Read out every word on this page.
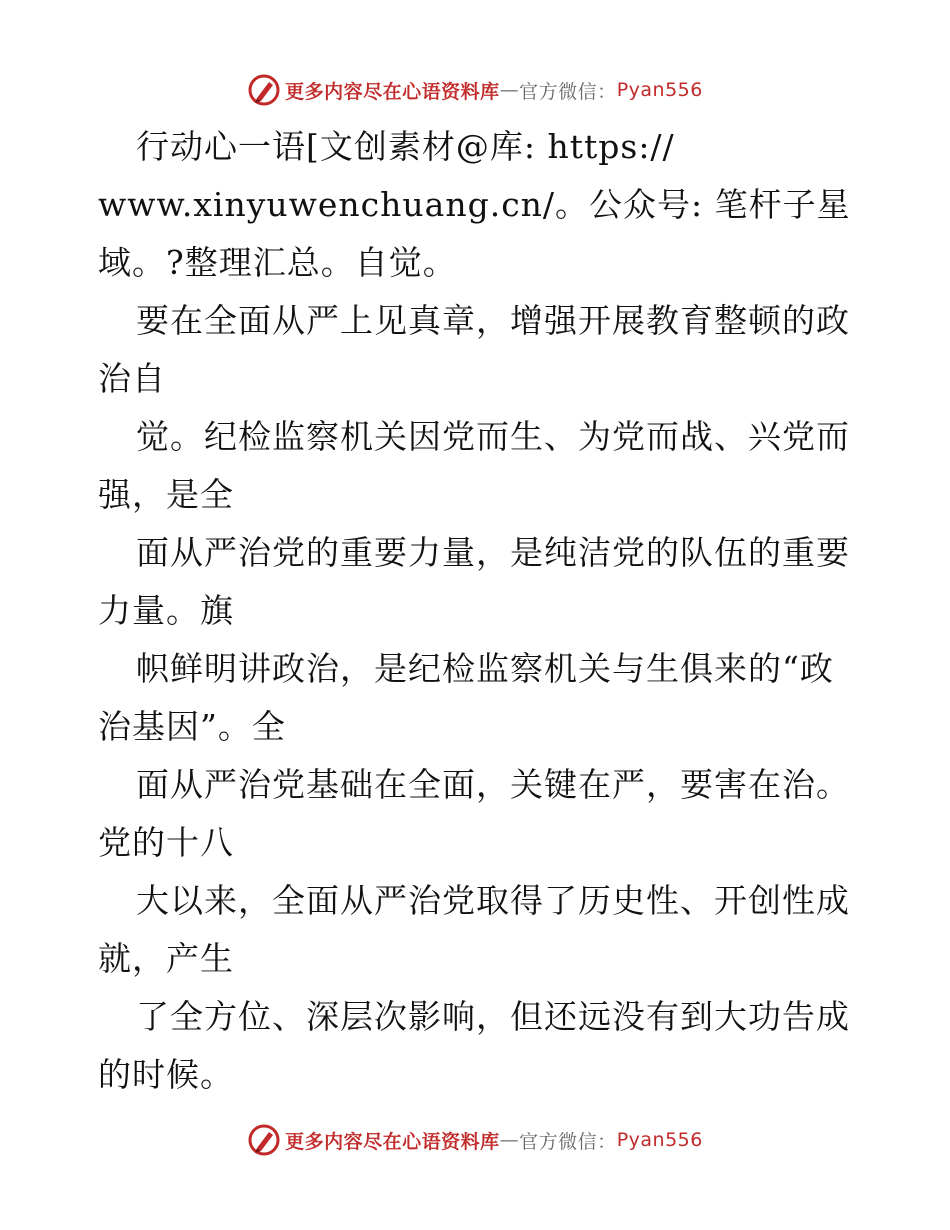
更多内容尽在心语资料库 — 官方微信： Pyan556
行动心一语[文创素材@库: https://
www.xinyuwenchuang.cn/。公众号: 笔杆子星
域。?整理汇总。自觉。
要在全面从严上见真章，增强开展教育整顿的政
治自
觉。纪检监察机关因党而生、为党而战、兴党而
强，是全
面从严治党的重要力量，是纯洁党的队伍的重要
力量。旗
帜鲜明讲政治，是纪检监察机关与生俱来的“政
治基因”。全
面从严治党基础在全面，关键在严，要害在治。
党的十八
大以来，全面从严治党取得了历史性、开创性成
就，产生
了全方位、深层次影响，但还远没有到大功告成
的时候。
更多内容尽在心语资料库 — 官方微信： Pyan556
